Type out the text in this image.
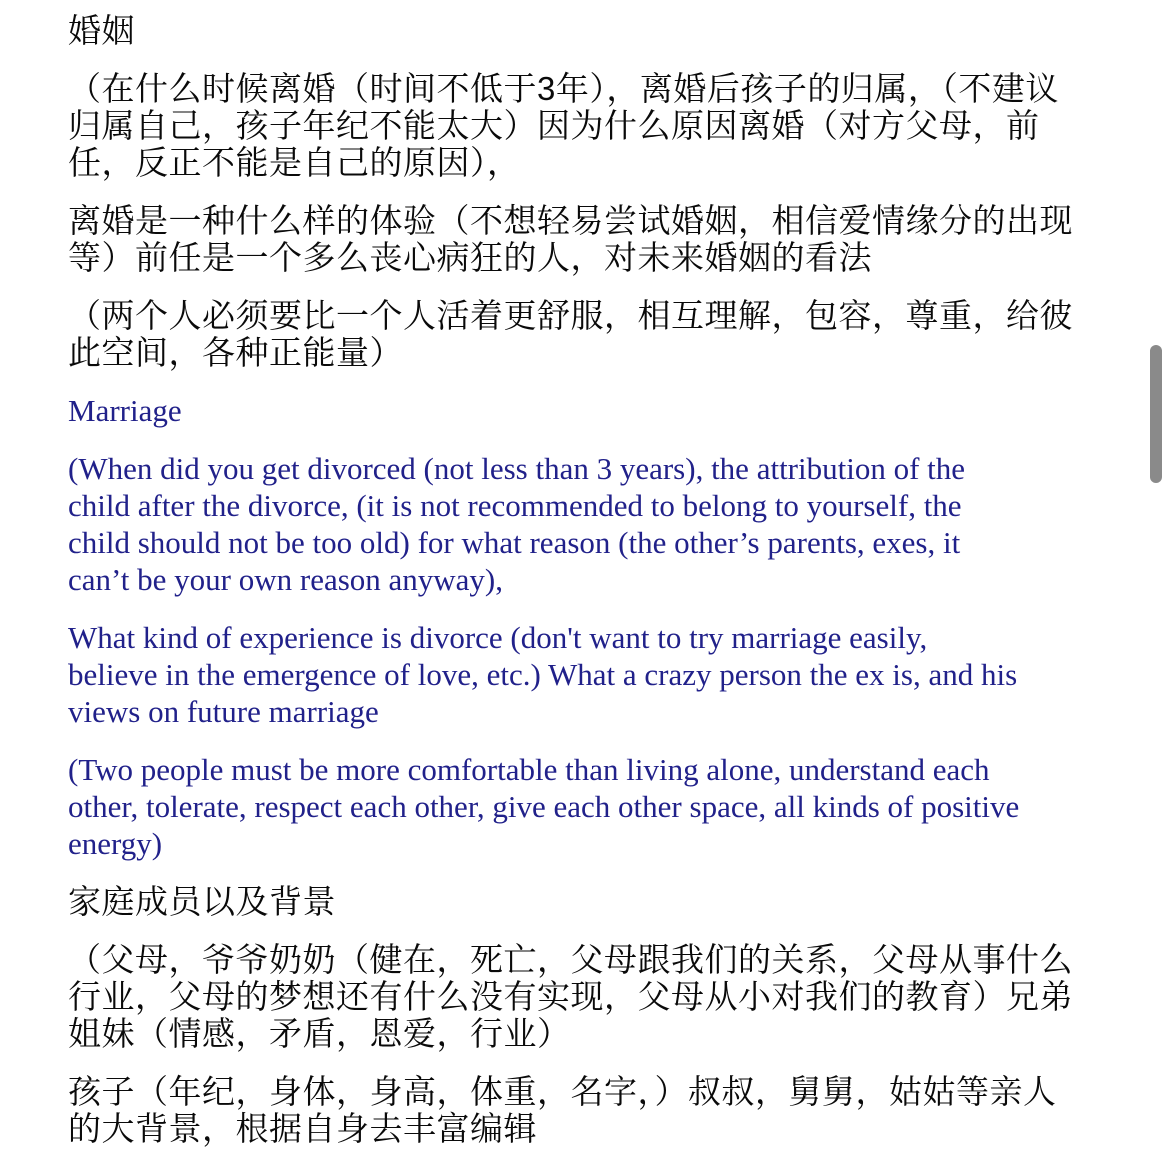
婚姻
（在什么时候离婚（时间不低于3年），离婚后孩子的归属，（不建议
归属自己，孩子年纪不能太大）因为什么原因离婚（对方父母，前
任，反正不能是自己的原因），
离婚是一种什么样的体验（不想轻易尝试婚姻，相信爱情缘分的出现
等）前任是一个多么丧心病狂的人，对未来婚姻的看法
（两个人必须要比一个人活着更舒服，相互理解，包容，尊重，给彼
此空间，各种正能量）
Marriage
(When did you get divorced (not less than 3 years), the attribution of the
child after the divorce, (it is not recommended to belong to yourself, the
child should not be too old) for what reason (the other’s parents, exes, it
can’t be your own reason anyway),
What kind of experience is divorce (don't want to try marriage easily,
believe in the emergence of love, etc.) What a crazy person the ex is, and his
views on future marriage
(Two people must be more comfortable than living alone, understand each
other, tolerate, respect each other, give each other space, all kinds of positive
energy)
家庭成员以及背景
（父母，爷爷奶奶（健在，死亡，父母跟我们的关系，父母从事什么
行业，父母的梦想还有什么没有实现，父母从小对我们的教育）兄弟
姐妹（情感，矛盾，恩爱，行业）
孩子（年纪，身体，身高，体重，名字，）叔叔，舅舅，姑姑等亲人
的大背景，根据自身去丰富编辑
